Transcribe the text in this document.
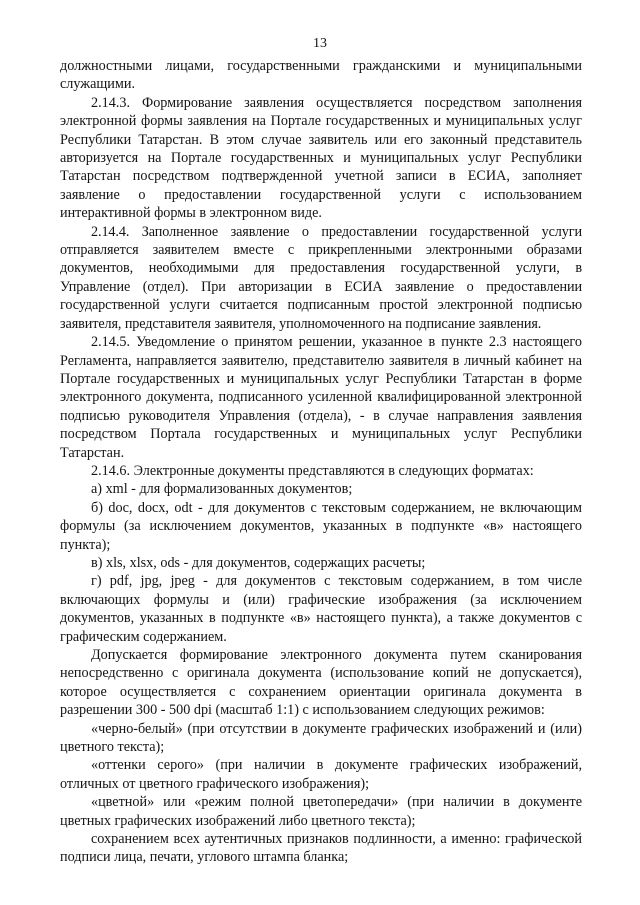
13

должностными лицами, государственными гражданскими и муниципальными служащими.

2.14.3. Формирование заявления осуществляется посредством заполнения электронной формы заявления на Портале государственных и муниципальных услуг Республики Татарстан. В этом случае заявитель или его законный представитель авторизуется на Портале государственных и муниципальных услуг Республики Татарстан посредством подтвержденной учетной записи в ЕСИА, заполняет заявление о предоставлении государственной услуги с использованием интерактивной формы в электронном виде.

2.14.4. Заполненное заявление о предоставлении государственной услуги отправляется заявителем вместе с прикрепленными электронными образами документов, необходимыми для предоставления государственной услуги, в Управление (отдел). При авторизации в ЕСИА заявление о предоставлении государственной услуги считается подписанным простой электронной подписью заявителя, представителя заявителя, уполномоченного на подписание заявления.

2.14.5. Уведомление о принятом решении, указанное в пункте 2.3 настоящего Регламента, направляется заявителю, представителю заявителя в личный кабинет на Портале государственных и муниципальных услуг Республики Татарстан в форме электронного документа, подписанного усиленной квалифицированной электронной подписью руководителя Управления (отдела), - в случае направления заявления посредством Портала государственных и муниципальных услуг Республики Татарстан.

2.14.6. Электронные документы представляются в следующих форматах:

а) xml - для формализованных документов;

б) doc, docx, odt - для документов с текстовым содержанием, не включающим формулы (за исключением документов, указанных в подпункте «в» настоящего пункта);

в) xls, xlsx, ods - для документов, содержащих расчеты;

г) pdf, jpg, jpeg - для документов с текстовым содержанием, в том числе включающих формулы и (или) графические изображения (за исключением документов, указанных в подпункте «в» настоящего пункта), а также документов с графическим содержанием.

Допускается формирование электронного документа путем сканирования непосредственно с оригинала документа (использование копий не допускается), которое осуществляется с сохранением ориентации оригинала документа в разрешении 300 - 500 dpi (масштаб 1:1) с использованием следующих режимов:

«черно-белый» (при отсутствии в документе графических изображений и (или) цветного текста);

«оттенки серого» (при наличии в документе графических изображений, отличных от цветного графического изображения);

«цветной» или «режим полной цветопередачи» (при наличии в документе цветных графических изображений либо цветного текста);

сохранением всех аутентичных признаков подлинности, а именно: графической подписи лица, печати, углового штампа бланка;
